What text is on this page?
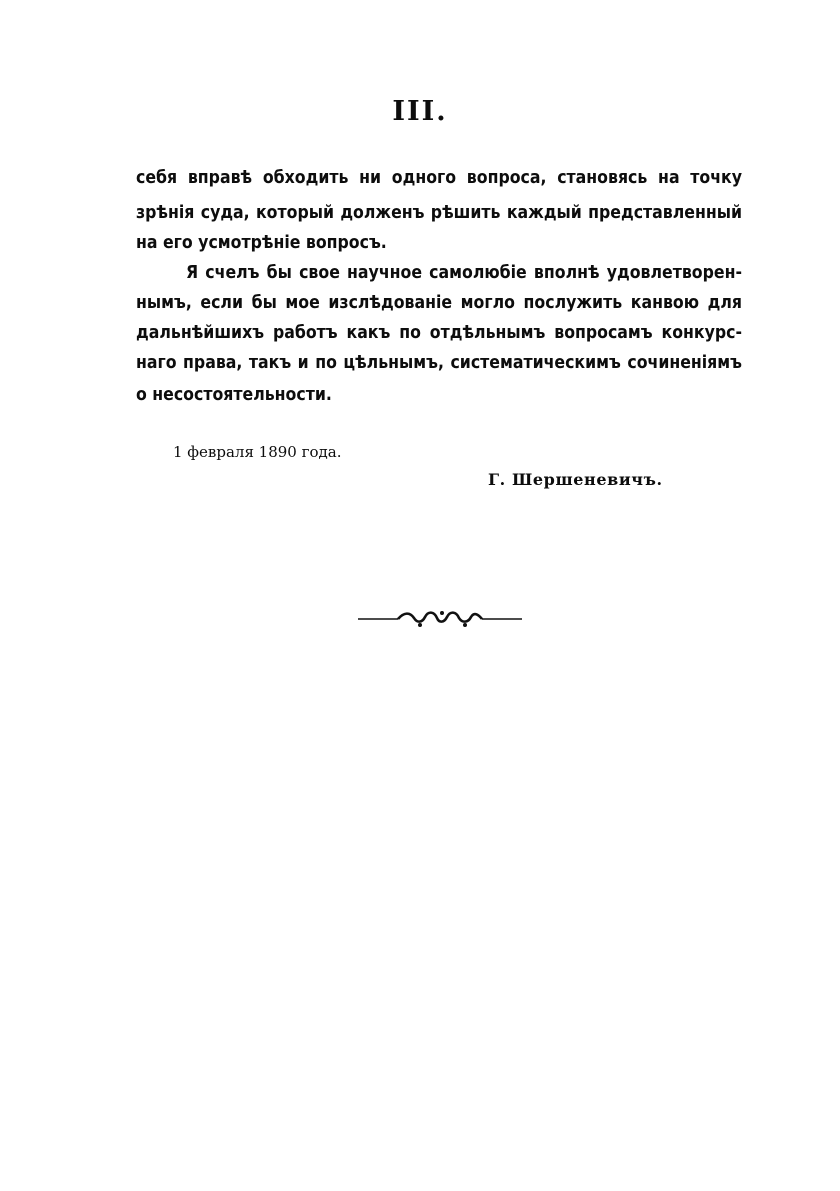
III.
себя вправѣ обходить ни одного вопроса, становясь на точку
зрѣнія суда, который долженъ рѣшить каждый представленный
на его усмотрѣніе вопросъ.
Я счелъ бы свое научное самолюбіе вполнѣ удовлетворен-
нымъ, если бы мое изслѣдованіе могло послужить канвою для
дальнѣйшихъ работъ какъ по отдѣльнымъ вопросамъ конкурс-
наго права, такъ и по цѣльнымъ, систематическимъ сочиненіямъ
о несостоятельности.
1 февраля 1890 года.
Г. Шершеневичъ.
